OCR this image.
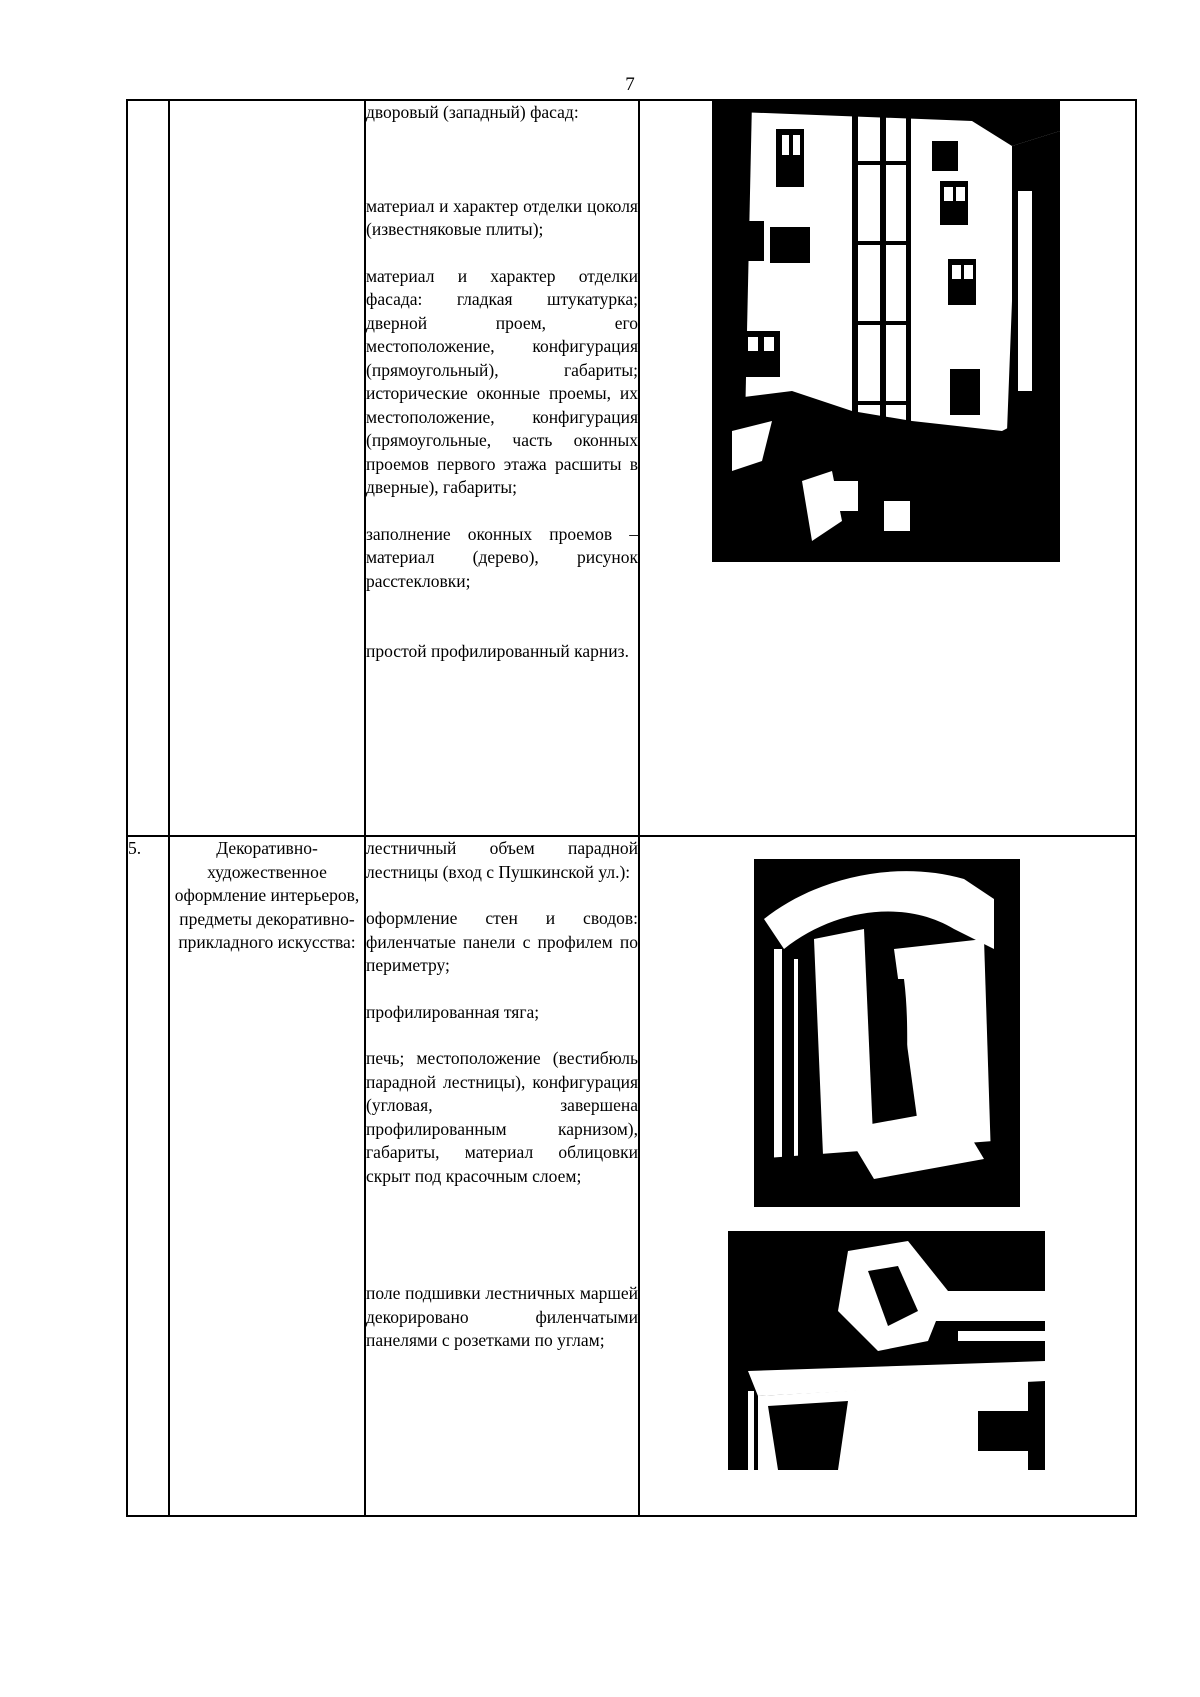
7

		дворовый (западный) фасад:

материал и характер отделки цоколя (известняковые плиты);

материал и характер отделки фасада: гладкая штукатурка; дверной проем, его местоположение, конфигурация (прямоугольный), габариты; исторические оконные проемы, их местоположение, конфигурация (прямоугольные, часть оконных проемов первого этажа расшиты в дверные), габариты;

заполнение оконных проемов – материал (дерево), рисунок расстекловки;

простой профилированный карниз.	

5.	Декоративно-художественное оформление интерьеров, предметы декоративно-прикладного искусства:	лестничный объем парадной лестницы (вход с Пушкинской ул.):

оформление стен и сводов: филенчатые панели с профилем по периметру;

профилированная тяга;

печь; местоположение (вестибюль парадной лестницы), конфигурация (угловая, завершена профилированным карнизом), габариты, материал облицовки скрыт под красочным слоем;

поле подшивки лестничных маршей декорировано филенчатыми панелями с розетками по углам;	
